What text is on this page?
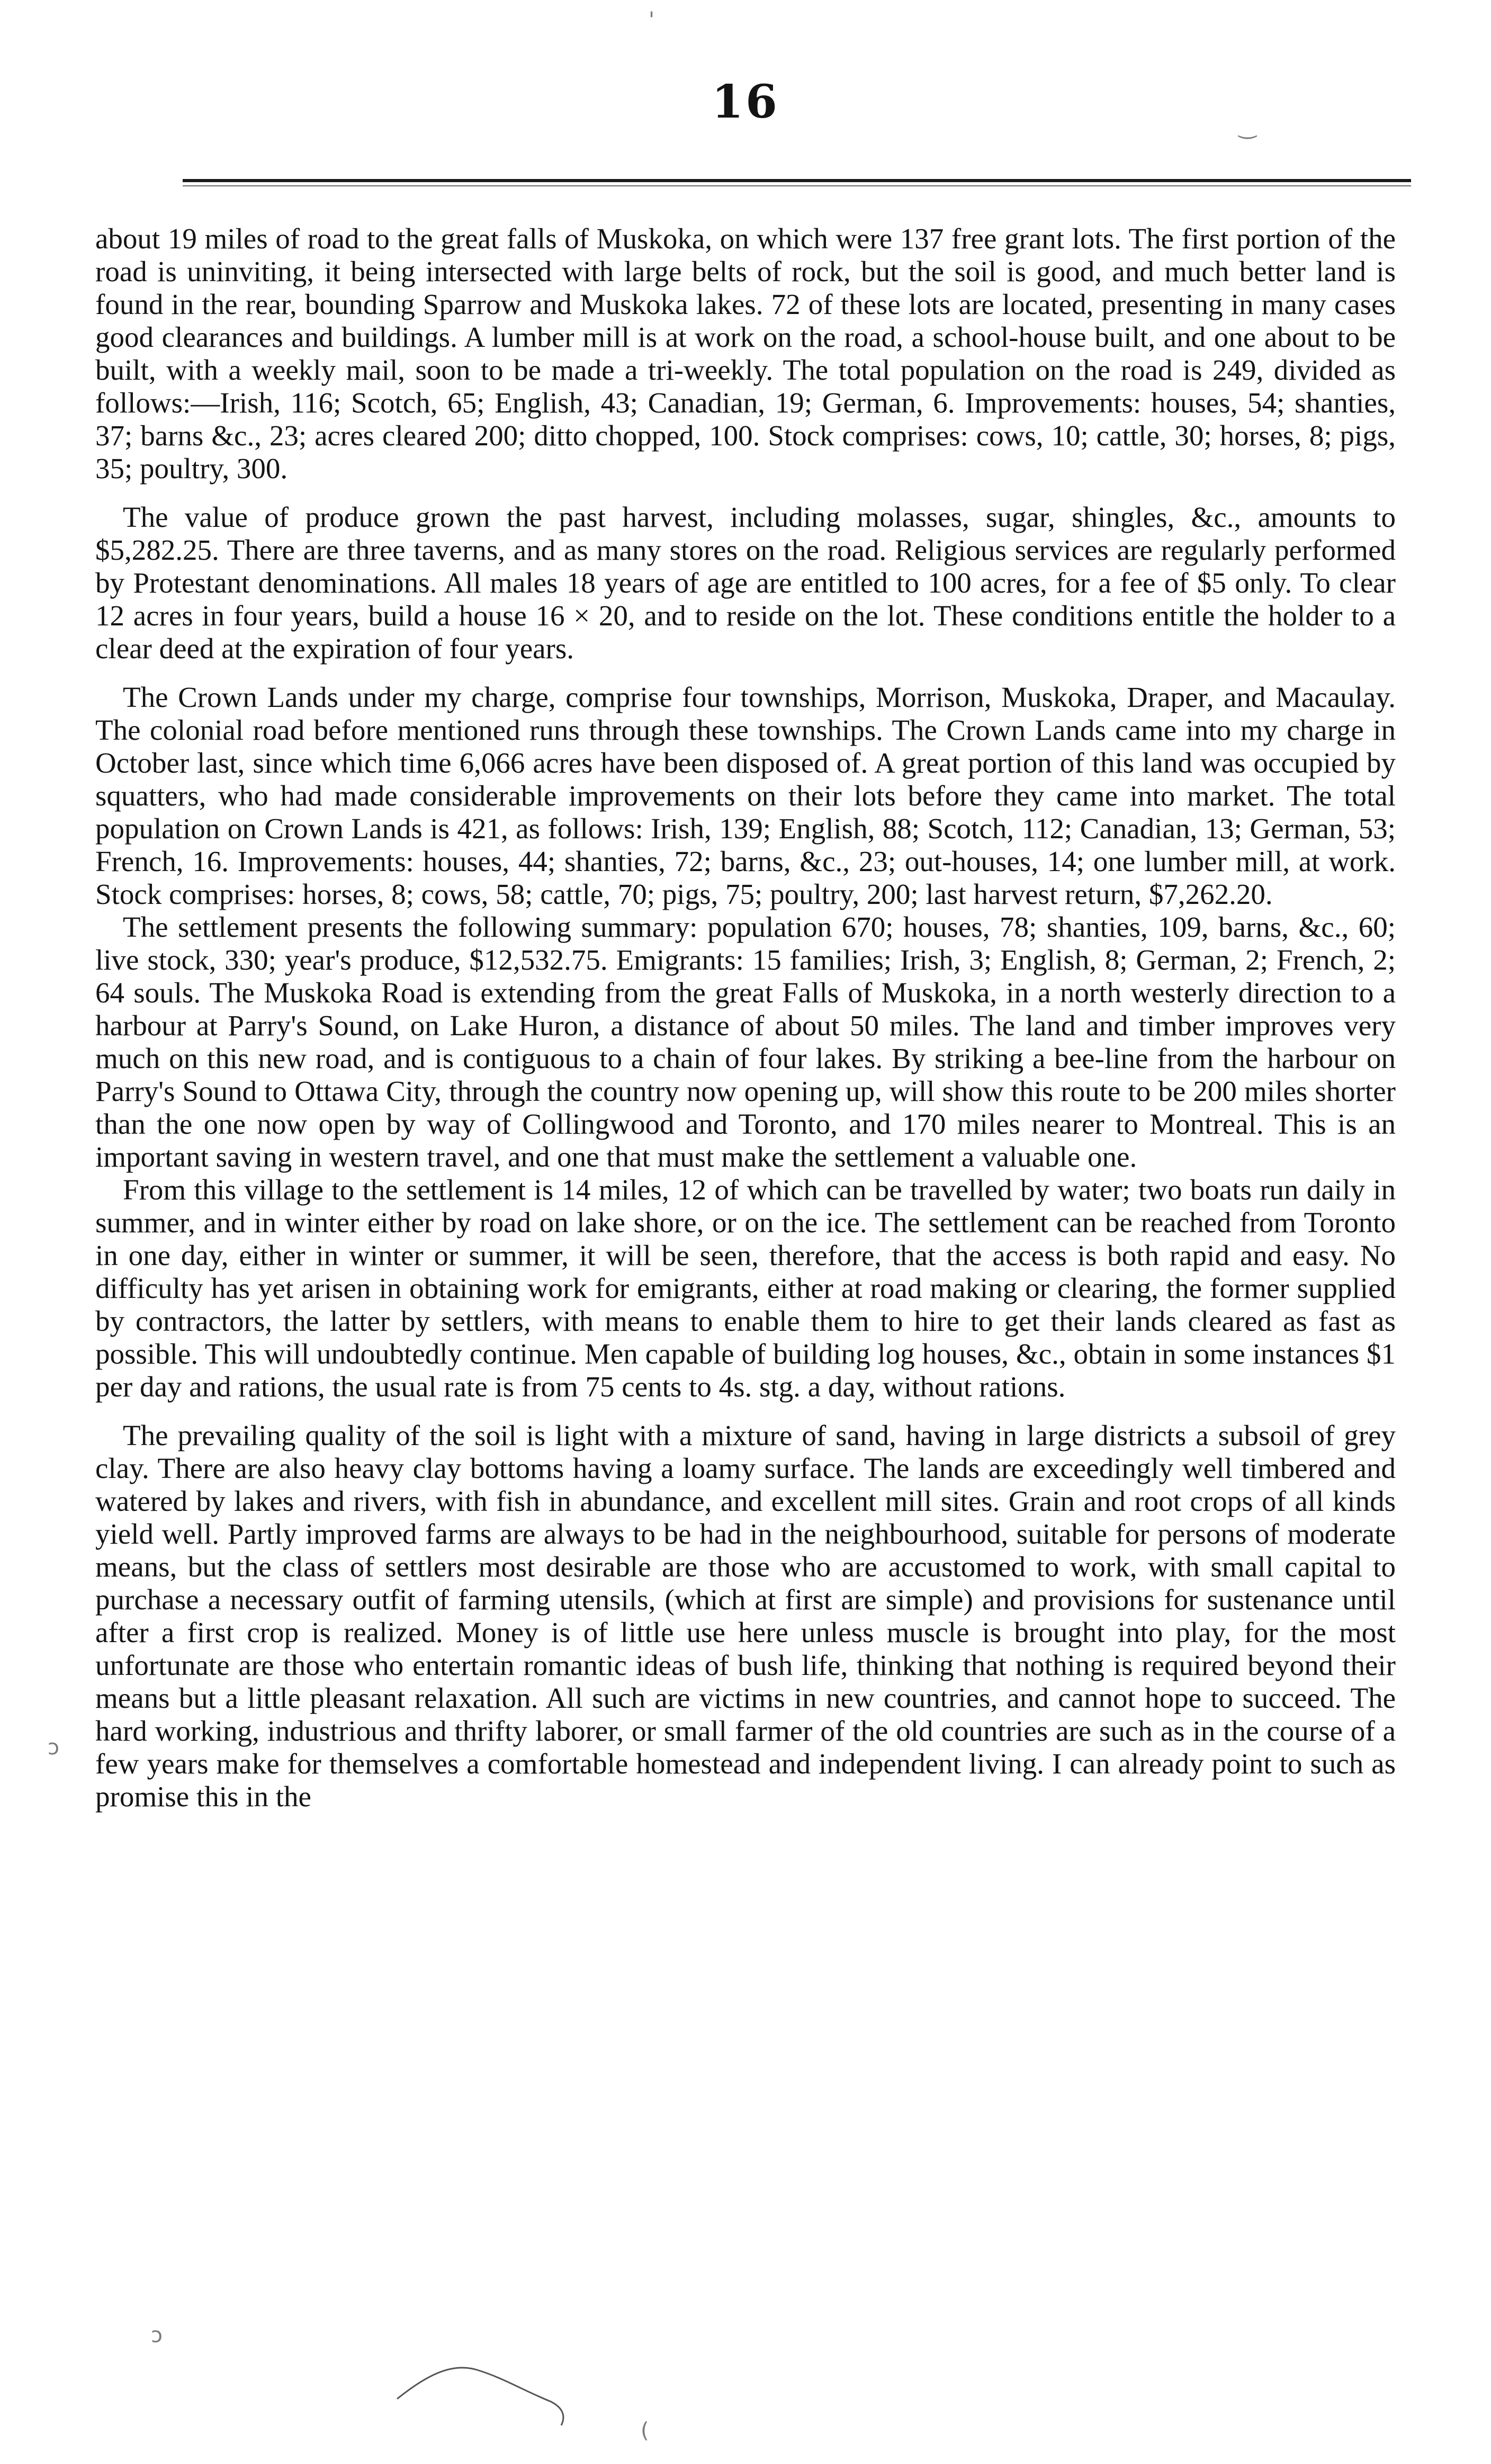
16

about 19 miles of road to the great falls of Muskoka, on which were 137 free grant lots. The first portion of the road is uninviting, it being intersected with large belts of rock, but the soil is good, and much better land is found in the rear, bounding Sparrow and Muskoka lakes. 72 of these lots are located, presenting in many cases good clearances and buildings. A lumber mill is at work on the road, a school-house built, and one about to be built, with a weekly mail, soon to be made a tri-weekly. The total population on the road is 249, divided as follows:—Irish, 116; Scotch, 65; English, 43; Canadian, 19; German, 6. Improvements: houses, 54; shanties, 37; barns &c., 23; acres cleared 200; ditto chopped, 100. Stock comprises: cows, 10; cattle, 30; horses, 8; pigs, 35; poultry, 300.

The value of produce grown the past harvest, including molasses, sugar, shingles, &c., amounts to $5,282.25. There are three taverns, and as many stores on the road. Religious services are regularly performed by Protestant denominations. All males 18 years of age are entitled to 100 acres, for a fee of $5 only. To clear 12 acres in four years, build a house 16 × 20, and to reside on the lot. These conditions entitle the holder to a clear deed at the expiration of four years.

The Crown Lands under my charge, comprise four townships, Morrison, Muskoka, Draper, and Macaulay. The colonial road before mentioned runs through these townships. The Crown Lands came into my charge in October last, since which time 6,066 acres have been disposed of. A great portion of this land was occupied by squatters, who had made considerable improvements on their lots before they came into market. The total population on Crown Lands is 421, as follows: Irish, 139; English, 88; Scotch, 112; Canadian, 13; German, 53; French, 16. Improvements: houses, 44; shanties, 72; barns, &c., 23; out-houses, 14; one lumber mill, at work. Stock comprises: horses, 8; cows, 58; cattle, 70; pigs, 75; poultry, 200; last harvest return, $7,262.20.

The settlement presents the following summary: population 670; houses, 78; shanties, 109, barns, &c., 60; live stock, 330; year's produce, $12,532.75. Emigrants: 15 families; Irish, 3; English, 8; German, 2; French, 2; 64 souls. The Muskoka Road is extending from the great Falls of Muskoka, in a north westerly direction to a harbour at Parry's Sound, on Lake Huron, a distance of about 50 miles. The land and timber improves very much on this new road, and is contiguous to a chain of four lakes. By striking a bee-line from the harbour on Parry's Sound to Ottawa City, through the country now opening up, will show this route to be 200 miles shorter than the one now open by way of Collingwood and Toronto, and 170 miles nearer to Montreal. This is an important saving in western travel, and one that must make the settlement a valuable one.

From this village to the settlement is 14 miles, 12 of which can be travelled by water; two boats run daily in summer, and in winter either by road on lake shore, or on the ice. The settlement can be reached from Toronto in one day, either in winter or summer, it will be seen, therefore, that the access is both rapid and easy. No difficulty has yet arisen in obtaining work for emigrants, either at road making or clearing, the former supplied by contractors, the latter by settlers, with means to enable them to hire to get their lands cleared as fast as possible. This will undoubtedly continue. Men capable of building log houses, &c., obtain in some instances $1 per day and rations, the usual rate is from 75 cents to 4s. stg. a day, without rations.

The prevailing quality of the soil is light with a mixture of sand, having in large districts a subsoil of grey clay. There are also heavy clay bottoms having a loamy surface. The lands are exceedingly well timbered and watered by lakes and rivers, with fish in abundance, and excellent mill sites. Grain and root crops of all kinds yield well. Partly improved farms are always to be had in the neighbourhood, suitable for persons of moderate means, but the class of settlers most desirable are those who are accustomed to work, with small capital to purchase a necessary outfit of farming utensils, (which at first are simple) and provisions for sustenance until after a first crop is realized. Money is of little use here unless muscle is brought into play, for the most unfortunate are those who entertain romantic ideas of bush life, thinking that nothing is required beyond their means but a little pleasant relaxation. All such are victims in new countries, and cannot hope to succeed. The hard working, industrious and thrifty laborer, or small farmer of the old countries are such as in the course of a few years make for themselves a comfortable homestead and independent living. I can already point to such as promise this in the

'
‿
ɔ
ɔ
(
